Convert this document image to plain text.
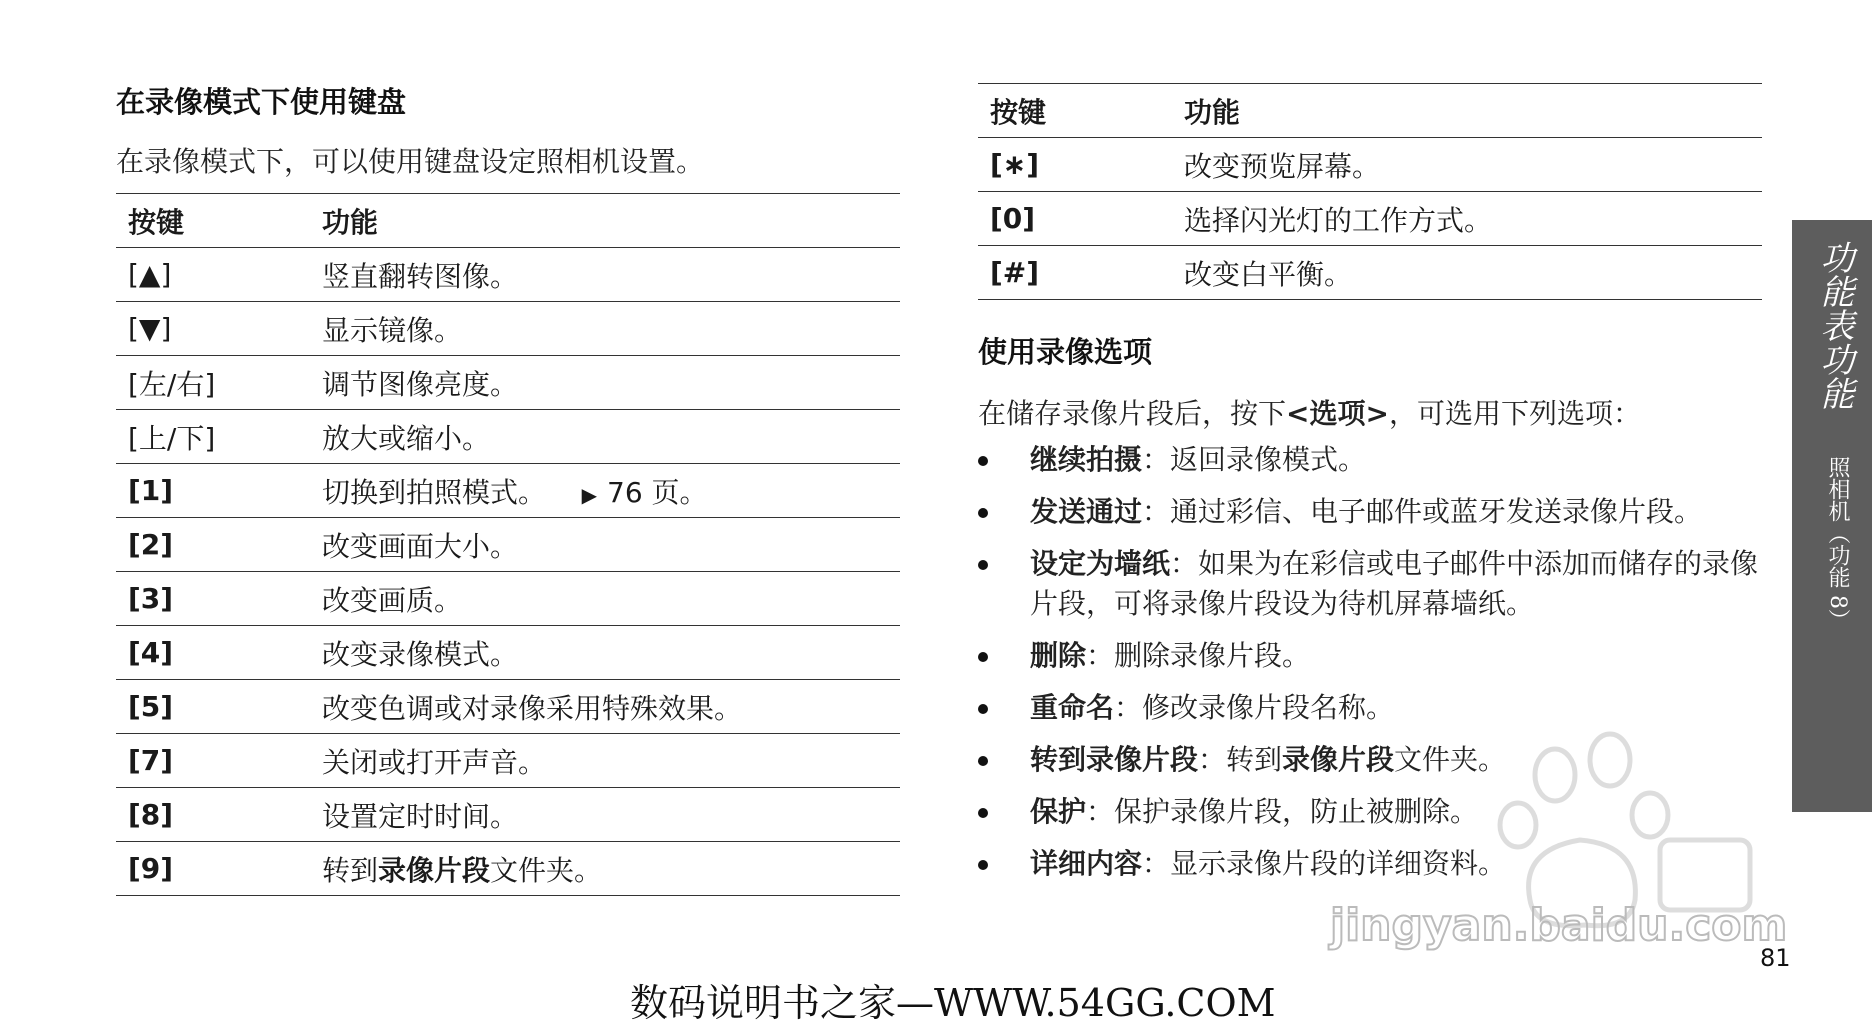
在录像模式下使用键盘
在录像模式下，可以使用键盘设定照相机设置。
按键	功能
[▲]	竖直翻转图像。
[▼]	显示镜像。
[左/右]	调节图像亮度。
[上/下]	放大或缩小。
[1]	切换到拍照模式。 ▶ 76 页。
[2]	改变画面大小。
[3]	改变画质。
[4]	改变录像模式。
[5]	改变色调或对录像采用特殊效果。
[7]	关闭或打开声音。
[8]	设置定时时间。
[9]	转到录像片段文件夹。
按键	功能
[∗]	改变预览屏幕。
[0]	选择闪光灯的工作方式。
[#]	改变白平衡。
使用录像选项
在储存录像片段后，按下<选项>，可选用下列选项：
继续拍摄：返回录像模式。
发送通过：通过彩信、电子邮件或蓝牙发送录像片段。
设定为墙纸：如果为在彩信或电子邮件中添加而储存的录像片段，可将录像片段设为待机屏幕墙纸。
删除：删除录像片段。
重命名：修改录像片段名称。
转到录像片段：转到录像片段文件夹。
保护：保护录像片段，防止被删除。
详细内容：显示录像片段的详细资料。
功能表功能
照相机（功能 8）
jingyan.baidu.com
81
数码说明书之家—WWW.54GG.COM
